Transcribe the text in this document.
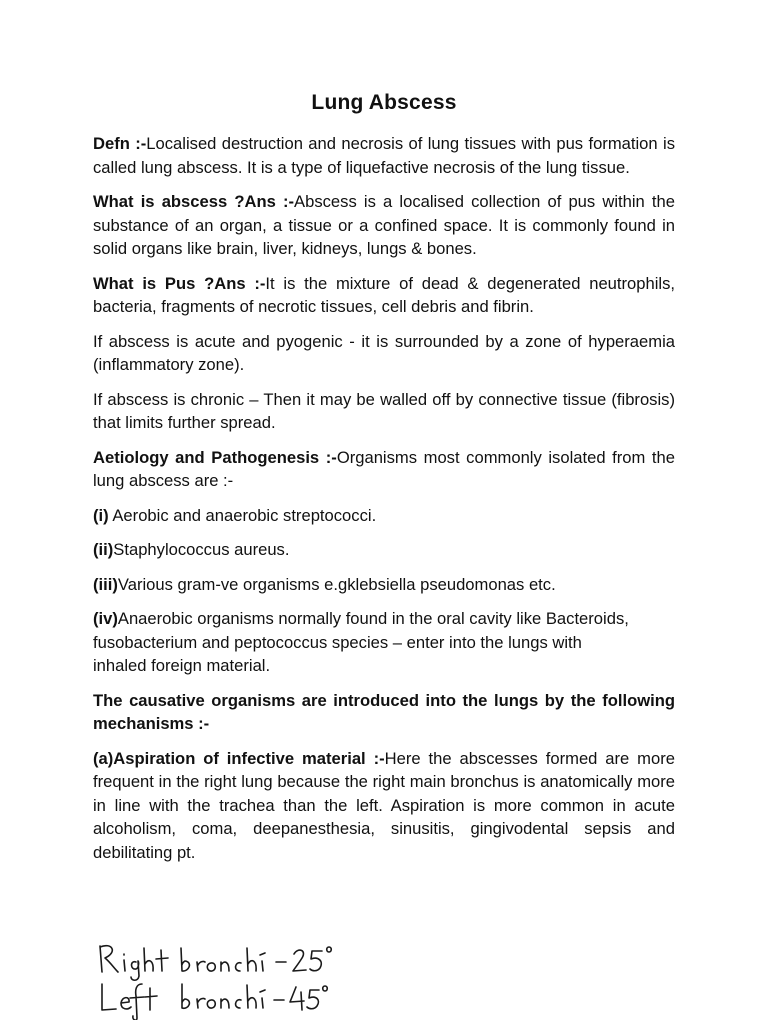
Lung Abscess

Defn :-Localised destruction and necrosis of lung tissues with pus formation is called lung abscess. It is a type of liquefactive necrosis of the lung tissue.

What is abscess ?Ans :-Abscess is a localised collection of pus within the substance of an organ, a tissue or a confined space. It is commonly found in solid organs like brain, liver, kidneys, lungs & bones.

What is Pus ?Ans :-It is the mixture of dead & degenerated neutrophils, bacteria, fragments of necrotic tissues, cell debris and fibrin.

If abscess is acute and pyogenic - it is surrounded by a zone of hyperaemia (inflammatory zone).

If abscess is chronic – Then it may be walled off by connective tissue (fibrosis) that limits further spread.

Aetiology and Pathogenesis :-Organisms most commonly isolated from the lung abscess are :-

(i) Aerobic and anaerobic streptococci.

(ii)Staphylococcus aureus.

(iii)Various gram-ve organisms e.gklebsiella pseudomonas etc.

(iv)Anaerobic organisms normally found in the oral cavity like Bacteroids, fusobacterium and peptococcus species – enter into the lungs with inhaled foreign material.

The causative organisms are introduced into the lungs by the following mechanisms :-

(a)Aspiration of infective material :-Here the abscesses formed are more frequent in the right lung because the right main bronchus is anatomically more in line with the trachea than the left. Aspiration is more common in acute alcoholism, coma, deepanesthesia, sinusitis, gingivodental sepsis and debilitating pt.
